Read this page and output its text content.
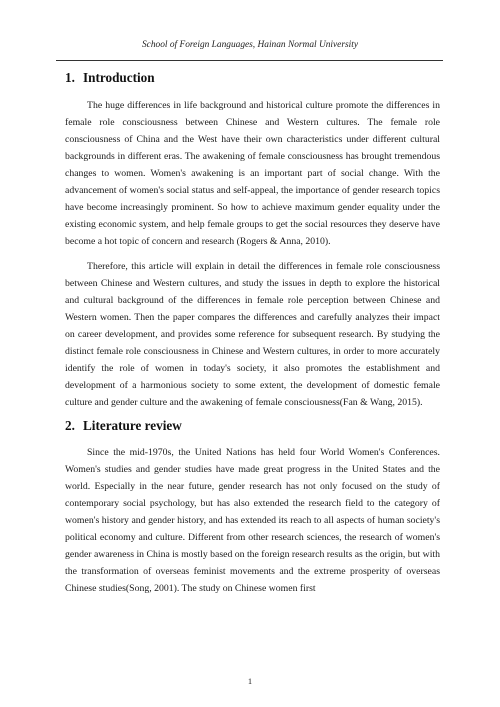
School of Foreign Languages, Hainan Normal University
1. Introduction

The huge differences in life background and historical culture promote the differences in female role consciousness between Chinese and Western cultures. The female role consciousness of China and the West have their own characteristics under different cultural backgrounds in different eras. The awakening of female consciousness has brought tremendous changes to women. Women's awakening is an important part of social change. With the advancement of women's social status and self-appeal, the importance of gender research topics have become increasingly prominent. So how to achieve maximum gender equality under the existing economic system, and help female groups to get the social resources they deserve have become a hot topic of concern and research (Rogers & Anna, 2010).

Therefore, this article will explain in detail the differences in female role consciousness between Chinese and Western cultures, and study the issues in depth to explore the historical and cultural background of the differences in female role perception between Chinese and Western women. Then the paper compares the differences and carefully analyzes their impact on career development, and provides some reference for subsequent research. By studying the distinct female role consciousness in Chinese and Western cultures, in order to more accurately identify the role of women in today's society, it also promotes the establishment and development of a harmonious society to some extent, the development of domestic female culture and gender culture and the awakening of female consciousness(Fan & Wang, 2015).

2. Literature review

Since the mid-1970s, the United Nations has held four World Women's Conferences. Women's studies and gender studies have made great progress in the United States and the world. Especially in the near future, gender research has not only focused on the study of contemporary social psychology, but has also extended the research field to the category of women's history and gender history, and has extended its reach to all aspects of human society's political economy and culture. Different from other research sciences, the research of women's gender awareness in China is mostly based on the foreign research results as the origin, but with the transformation of overseas feminist movements and the extreme prosperity of overseas Chinese studies(Song, 2001). The study on Chinese women first

1
